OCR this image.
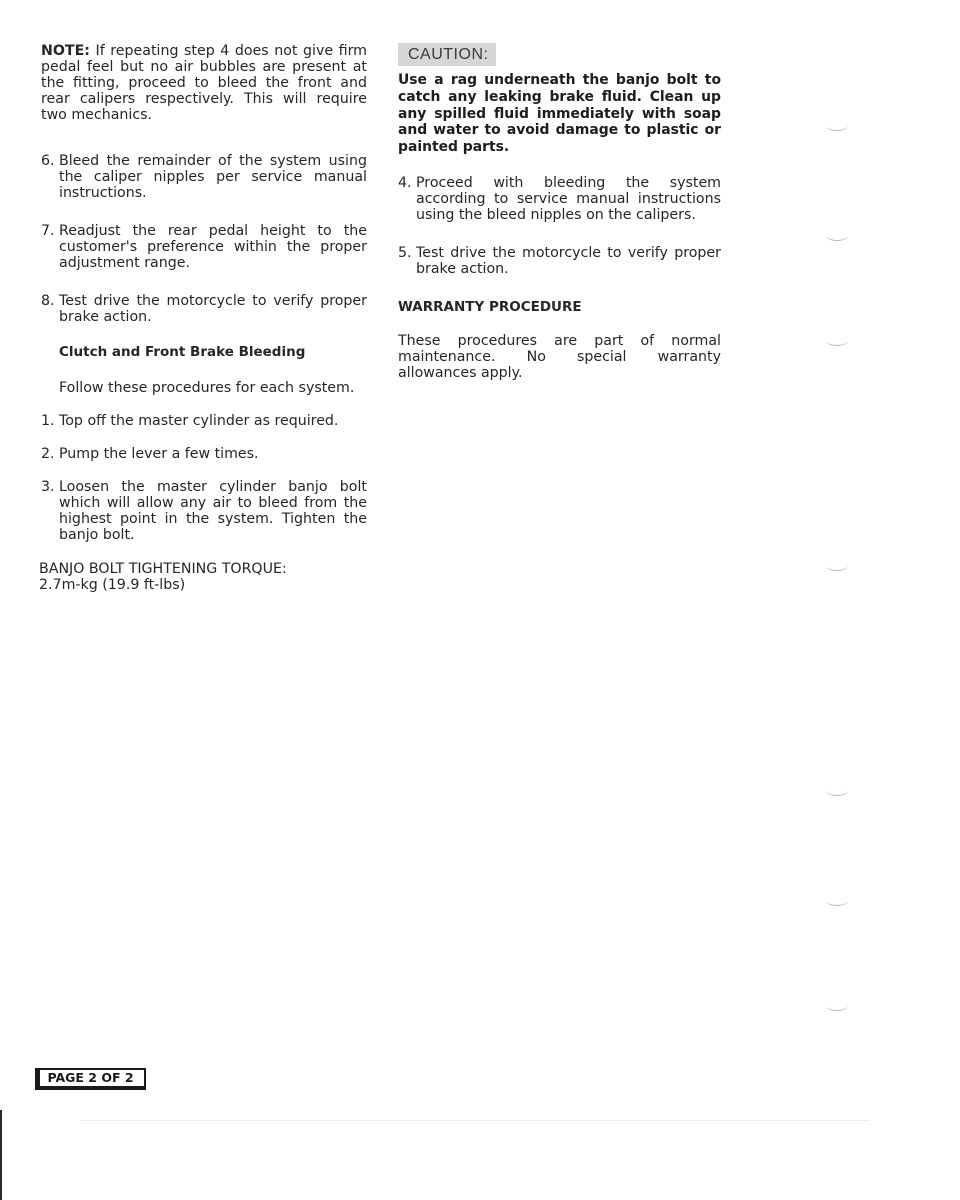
NOTE: If repeating step 4 does not give firm pedal feel but no air bubbles are present at the fitting, proceed to bleed the front and rear calipers respectively. This will require two mechanics.

6. Bleed the remainder of the system using the caliper nipples per service manual instructions.
7. Readjust the rear pedal height to the customer's preference within the proper adjustment range.
8. Test drive the motorcycle to verify proper brake action.

Clutch and Front Brake Bleeding

Follow these procedures for each system.

1. Top off the master cylinder as required.
2. Pump the lever a few times.
3. Loosen the master cylinder banjo bolt which will allow any air to bleed from the highest point in the system. Tighten the banjo bolt.

BANJO BOLT TIGHTENING TORQUE:

2.7m-kg (19.9 ft-lbs)

CAUTION:

Use a rag underneath the banjo bolt to catch any leaking brake fluid. Clean up any spilled fluid immediately with soap and water to avoid damage to plastic or painted parts.

4. Proceed with bleeding the system according to service manual instructions using the bleed nipples on the calipers.
5. Test drive the motorcycle to verify proper brake action.

WARRANTY PROCEDURE

These procedures are part of normal maintenance. No special warranty allowances apply.

PAGE 2 OF 2
